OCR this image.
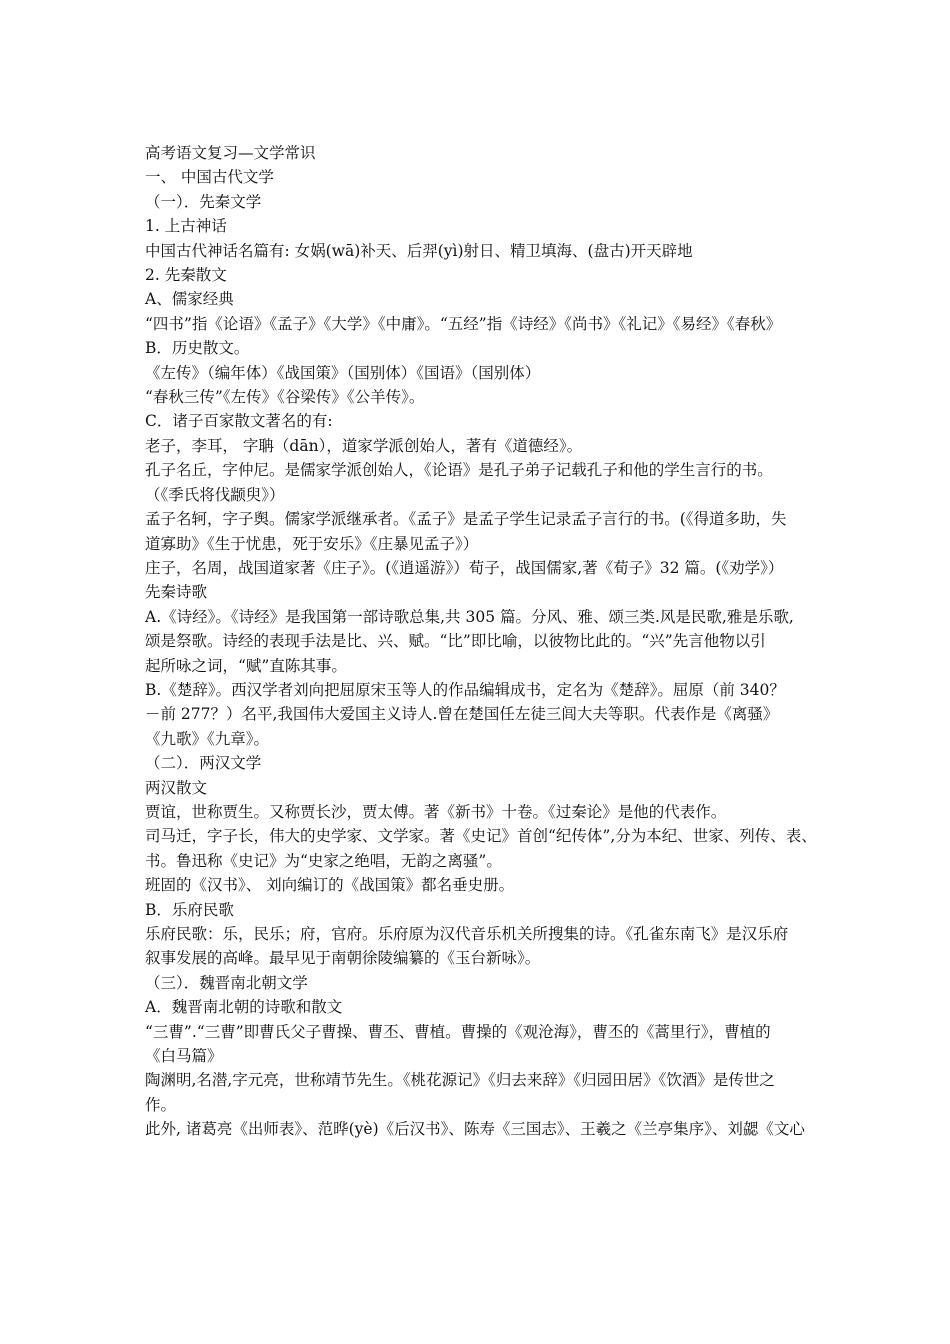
高考语文复习—文学常识
一、 中国古代文学
（一）．先秦文学
1. 上古神话
中国古代神话名篇有: 女娲(wā)补天、后羿(yì)射日、精卫填海、(盘古)开天辟地
2. 先秦散文
A、儒家经典
“四书”指《论语》《孟子》《大学》《中庸》。“五经”指《诗经》《尚书》《礼记》《易经》《春秋》
B．历史散文。
《左传》（编年体）《战国策》（国别体）《国语》（国别体）
“春秋三传”《左传》《谷梁传》《公羊传》。
C．诸子百家散文著名的有:
老子，李耳， 字聃（dān），道家学派创始人，著有《道德经》。
孔子名丘，字仲尼。是儒家学派创始人，《论语》是孔子弟子记载孔子和他的学生言行的书。
（《季氏将伐颛臾》）
孟子名轲，字子舆。儒家学派继承者。《孟子》是孟子学生记录孟子言行的书。(《得道多助，失
道寡助》《生于忧患，死于安乐》《庄暴见孟子》）
庄子，名周，战国道家著《庄子》。(《逍遥游》）荀子，战国儒家,著《荀子》32 篇。(《劝学》）
先秦诗歌
A.《诗经》。《诗经》是我国第一部诗歌总集,共 305 篇。分风、雅、颂三类.风是民歌,雅是乐歌,
颂是祭歌。诗经的表现手法是比、兴、赋。“比”即比喻，以彼物比此的。“兴”先言他物以引
起所咏之词，“赋”直陈其事。
B.《楚辞》。西汉学者刘向把屈原宋玉等人的作品编辑成书，定名为《楚辞》。屈原（前 340？
－前 277？）名平,我国伟大爱国主义诗人.曾在楚国任左徒三闾大夫等职。代表作是《离骚》
《九歌》《九章》。
（二）．两汉文学
两汉散文
贾谊，世称贾生。又称贾长沙，贾太傅。著《新书》十卷。《过秦论》是他的代表作。
司马迁，字子长，伟大的史学家、文学家。著《史记》首创“纪传体”,分为本纪、世家、列传、表、
书。鲁迅称《史记》为“史家之绝唱，无韵之离骚”。
班固的《汉书》、 刘向编订的《战国策》都名垂史册。
B．乐府民歌
乐府民歌：乐，民乐；府，官府。乐府原为汉代音乐机关所搜集的诗。《孔雀东南飞》是汉乐府
叙事发展的高峰。最早见于南朝徐陵编纂的《玉台新咏》。
（三）．魏晋南北朝文学
A．魏晋南北朝的诗歌和散文
“三曹”.“三曹”即曹氏父子曹操、曹丕、曹植。曹操的《观沧海》，曹丕的《蒿里行》，曹植的
《白马篇》
陶渊明,名潜,字元亮，世称靖节先生。《桃花源记》《归去来辞》《归园田居》《饮酒》是传世之
作。
此外, 诸葛亮《出师表》、范晔(yè)《后汉书》、陈寿《三国志》、王羲之《兰亭集序》、刘勰《文心
